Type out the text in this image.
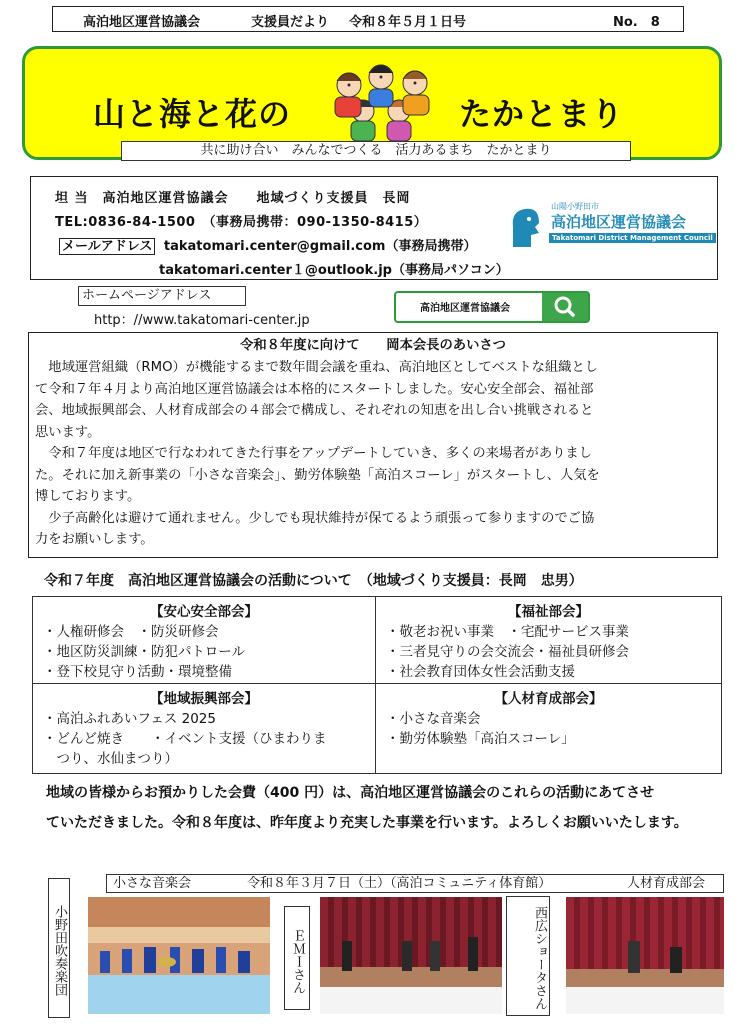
高泊地区運営協議会	支援員だより 令和８年５月１日号	No.　8
山と海と花の	たかとまり
共に助け合い　みんなでつくる　活力あるまち　たかとまり
坦 当　高泊地区運営協議会　　地域づくり支援員　長岡
TEL:0836-84-1500　（事務局携帯：090-1350-8415）
メールアドレス takatomari.center@gmail.com（事務局携帯）
takatomari.center１@outlook.jp（事務局パソコン）
山陽小野田市
高泊地区運営協議会
Takatomari District Management Council
ホームページアドレス
http：//www.takatomari-center.jp
高泊地区運営協議会
令和８年度に向けて　　岡本会長のあいさつ
　地域運営組織（RMO）が機能するまで数年間会議を重ね、高泊地区としてベストな組織とし
て令和７年４月より高泊地区運営協議会は本格的にスタートしました。安心安全部会、福祉部
会、地域振興部会、人材育成部会の４部会で構成し、それぞれの知恵を出し合い挑戦されると
思います。
　令和７年度は地区で行なわれてきた行事をアップデートしていき、多くの来場者がありまし
た。それに加え新事業の「小さな音楽会」、勤労体験塾「高泊スコーレ」がスタートし、人気を
博しております。
　少子高齢化は避けて通れません。少しでも現状維持が保てるよう頑張って参りますのでご協
力をお願いします。
令和７年度　高泊地区運営協議会の活動について　（地域づくり支援員：長岡　忠男）
【安心安全部会】
・人権研修会　・防災研修会
・地区防災訓練・防犯パトロール
・登下校見守り活動・環境整備
【福祉部会】
・敬老お祝い事業　・宅配サービス事業
・三者見守りの会交流会・福祉員研修会
・社会教育団体女性会活動支援
【地域振興部会】
・高泊ふれあいフェス 2025
・どんど焼き　　・イベント支援（ひまわりま
　つり、水仙まつり）
【人材育成部会】
・小さな音楽会
・勤労体験塾「高泊スコーレ」
地域の皆様からお預かりした会費（400 円）は、高泊地区運営協議会のこれらの活動にあてさせ
ていただきました。令和８年度は、昨年度より充実した事業を行います。よろしくお願いいたします。
小さな音楽会	令和８年３月７日（土）（高泊コミュニティ体育館）	人材育成部会
小野田吹奏楽団	ＥＭＩさん	西広ショータさん
